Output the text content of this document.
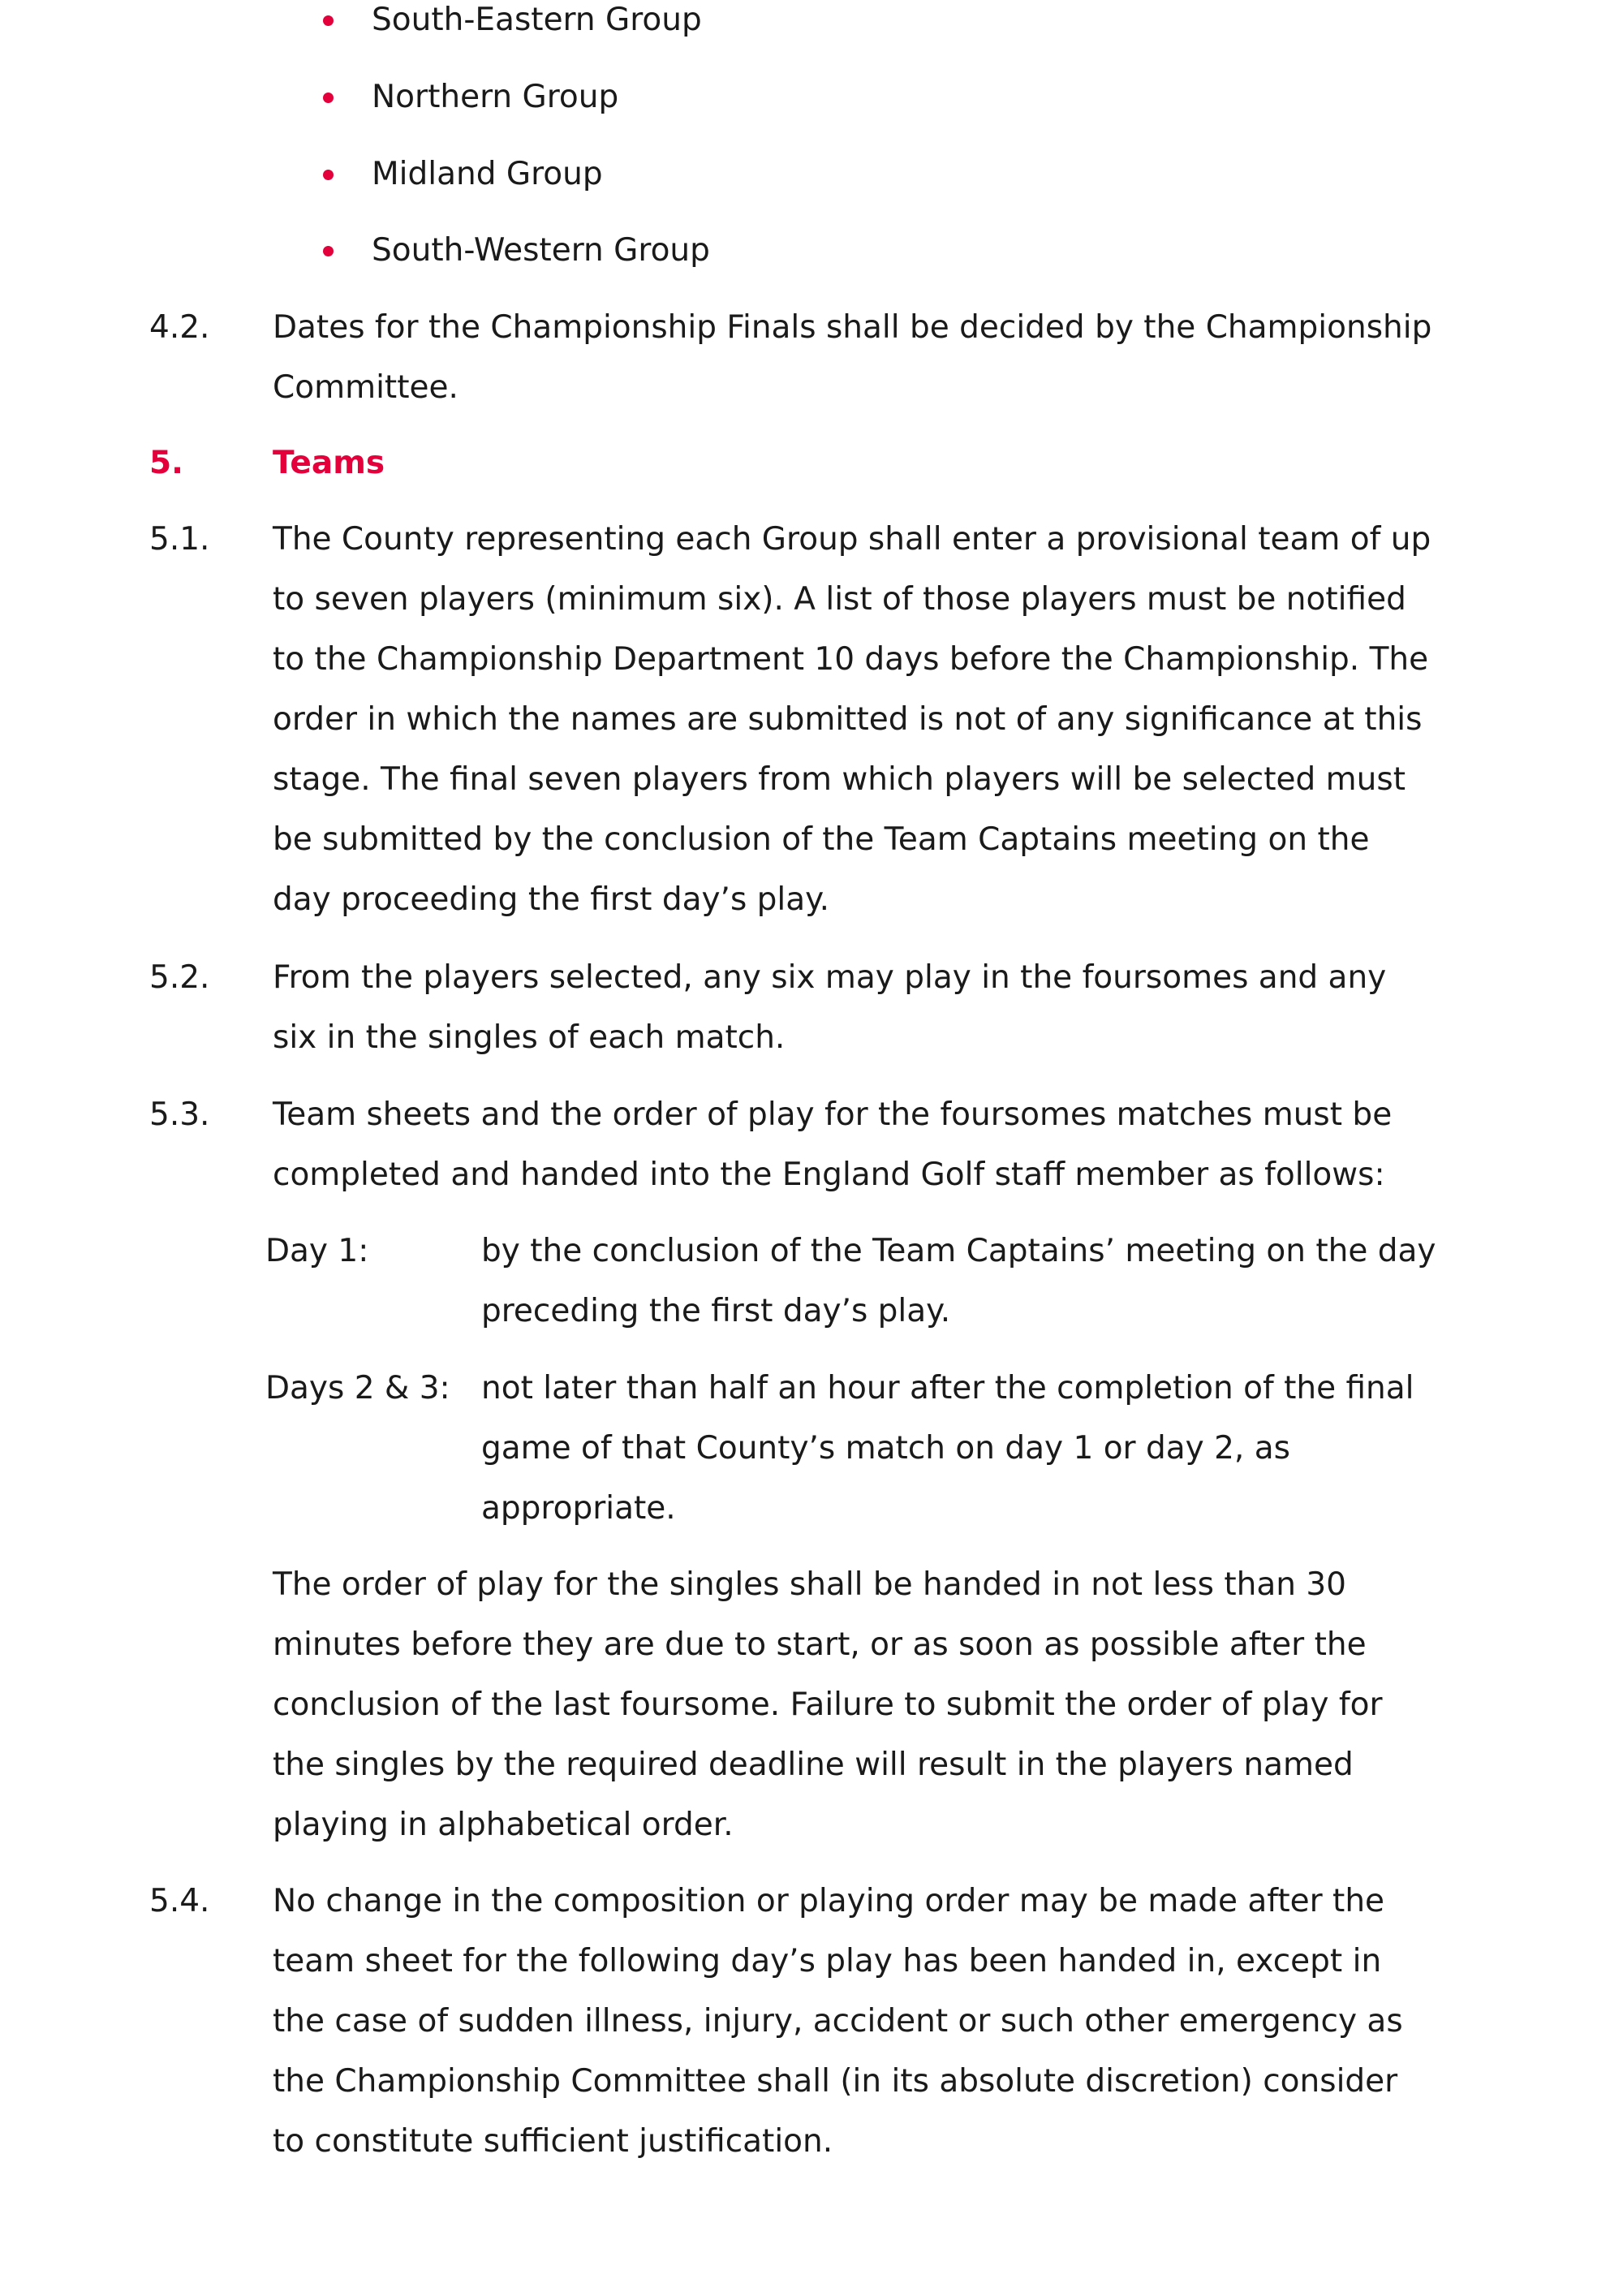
South-Eastern Group
Northern Group
Midland Group
South-Western Group
4.2. Dates for the Championship Finals shall be decided by the Championship
Committee.
5.	Teams
5.1. The County representing each Group shall enter a provisional team of up
to seven players (minimum six). A list of those players must be notified
to the Championship Department 10 days before the Championship. The
order in which the names are submitted is not of any significance at this
stage. The final seven players from which players will be selected must
be submitted by the conclusion of the Team Captains meeting on the
day proceeding the first day’s play.
5.2. From the players selected, any six may play in the foursomes and any
six in the singles of each match.
5.3. Team sheets and the order of play for the foursomes matches must be
completed and handed into the England Golf staff member as follows:
Day 1:	by the conclusion of the Team Captains’ meeting on the day
preceding the first day’s play.
Days 2 & 3: not later than half an hour after the completion of the final
game of that County’s match on day 1 or day 2, as
appropriate.
The order of play for the singles shall be handed in not less than 30
minutes before they are due to start, or as soon as possible after the
conclusion of the last foursome. Failure to submit the order of play for
the singles by the required deadline will result in the players named
playing in alphabetical order.
5.4. No change in the composition or playing order may be made after the
team sheet for the following day’s play has been handed in, except in
the case of sudden illness, injury, accident or such other emergency as
the Championship Committee shall (in its absolute discretion) consider
to constitute sufficient justification.
